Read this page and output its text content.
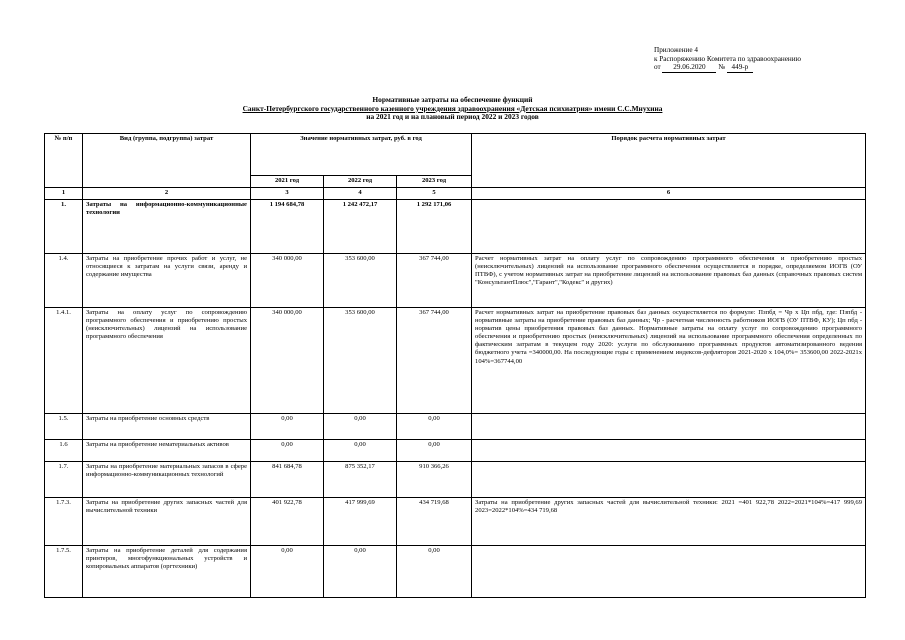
Приложение 4
к Распоряжению Комитета по здравоохранению
от 29.06.2020 № 449-р
Нормативные затраты на обеспечение функций
Санкт-Петербургского государственного казенного учреждения здравоохранения «Детская психиатрия» имени С.С.Мнухина
на 2021 год и на плановый период 2022 и 2023 годов
№ п/п	Вид (группа, подгруппа) затрат	Значение нормативных затрат, руб. в год			Порядок расчета нормативных затрат
		2021 год	2022 год	2023 год	
1	2	3	4	5	6
1.	Затраты на информационно-коммуникационные технологии	1 194 684,78	1 242 472,17	1 292 171,06	
1.4.	Затраты на приобретение прочих работ и услуг, не относящиеся к затратам на услуги связи, аренду и содержание имущества	340 000,00	353 600,00	367 744,00	Расчет нормативных затрат на оплату услуг по сопровождению программного обеспечения и приобретению простых (неисключительных) лицензий на использование программного обеспечения осуществляется в порядке, определяемом ИОГВ (ОУ ПТВФ), с учетом нормативных затрат на приобретение лицензий на использование правовых баз данных (справочных правовых систем "КонсультантПлюс","Гарант","Кодекс" и других)
1.4.1.	Затраты на оплату услуг по сопровождению программного обеспечения и приобретению простых (неисключительных) лицензий на использование программного обеспечения	340 000,00	353 600,00	367 744,00	Расчет нормативных затрат на приобретение правовых баз данных осуществляется по формуле: Пзпбд = Чр x Цп пбд, где: Пзпбд - нормативные затраты на приобретение правовых баз данных; Чр - расчетная численность работников ИОГВ (ОУ ПТВФ, КУ); Цп пбд - норматив цены приобретения правовых баз данных. Нормативные затраты на оплату услуг по сопровождению программного обеспечения и приобретению простых (неисключительных) лицензий на использование программного обеспечения определенных по фактическим затратам в текущем году 2020: услуги по обслуживанию программных продуктов автоматизированного ведения бюджетного учета =340000,00. На последующие годы с применением индексов-дефляторов 2021-2020 x 104,0%= 353600,00 2022-2021x 104%=367744,00
1.5.	Затраты на приобретение основных средств	0,00	0,00	0,00	
1.6	Затраты на приобретение нематериальных активов	0,00	0,00	0,00	
1.7.	Затраты на приобретение материальных запасов в сфере информационно-коммуникационных технологий	841 684,78	875 352,17	910 366,26	
1.7.3.	Затраты на приобретение других запасных частей для вычислительной техники	401 922,78	417 999,69	434 719,68	Затраты на приобретение других запасных частей для вычислительной техники: 2021 =401 922,78 2022=2021*104%=417 999,69 2023=2022*104%=434 719,68
1.7.5.	Затраты на приобретение деталей для содержания принтеров, многофункциональных устройств и копировальных аппаратов (оргтехники)	0,00	0,00	0,00	
